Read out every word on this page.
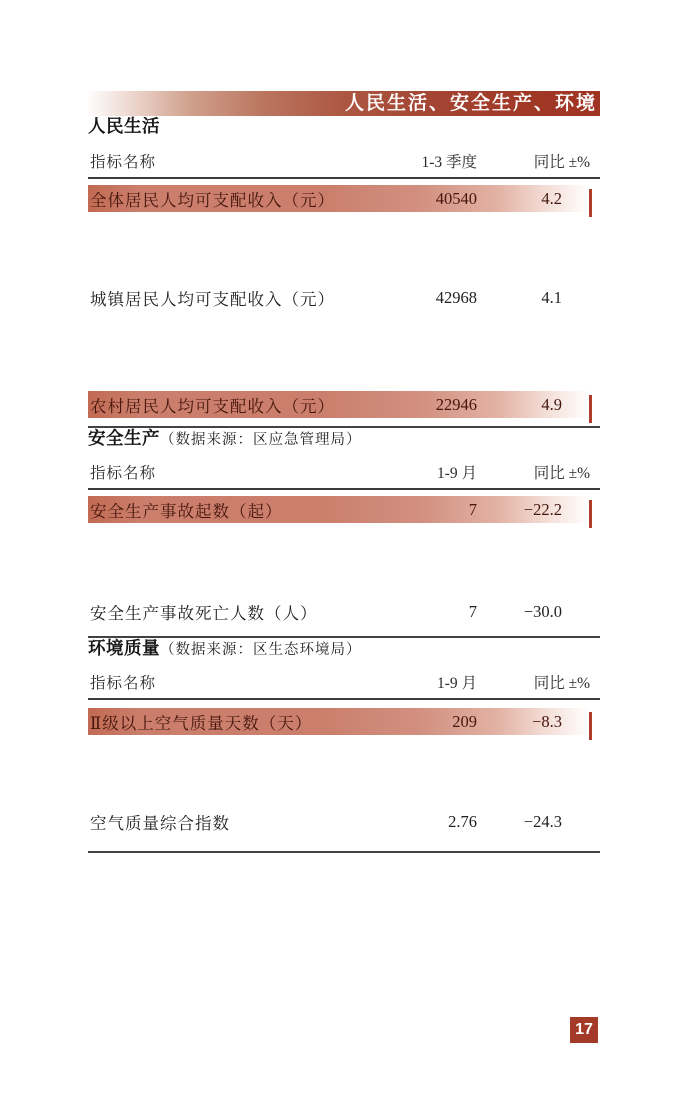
人民生活、安全生产、环境
人民生活
指标名称	1-3 季度	同比 ±%
全体居民人均可支配收入（元）	40540	4.2
城镇居民人均可支配收入（元）	42968	4.1
农村居民人均可支配收入（元）	22946	4.9
安全生产（数据来源：区应急管理局）
指标名称	1-9 月	同比 ±%
安全生产事故起数（起）	7	−22.2
安全生产事故死亡人数（人）	7	−30.0
环境质量（数据来源：区生态环境局）
指标名称	1-9 月	同比 ±%
Ⅱ级以上空气质量天数（天）	209	−8.3
空气质量综合指数	2.76	−24.3
17
